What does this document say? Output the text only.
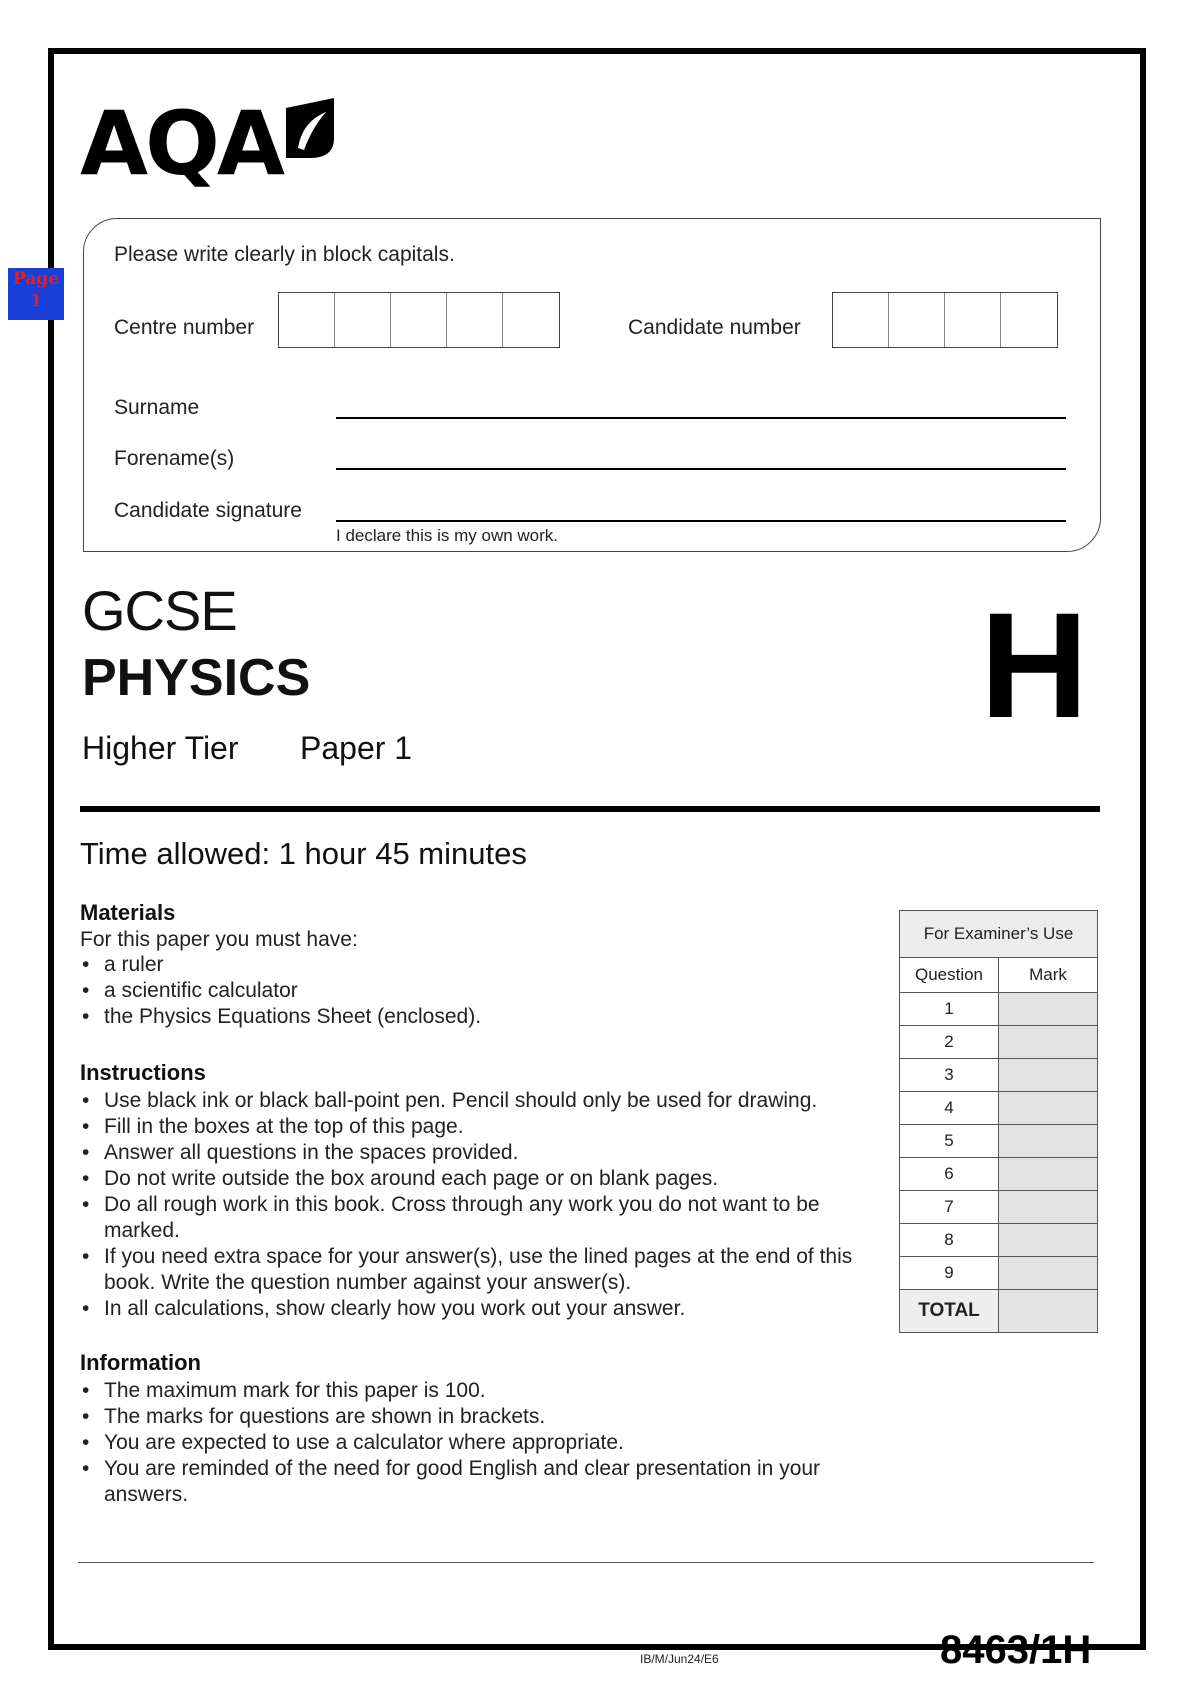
Page
1
AQA
Please write clearly in block capitals.
Centre number	Candidate number
Surname
Forename(s)
Candidate signature
I declare this is my own work.
GCSE
PHYSICS
Higher Tier Paper 1	H
Time allowed: 1 hour 45 minutes
Materials
For this paper you must have:
• a ruler
• a scientific calculator
• the Physics Equations Sheet (enclosed).
Instructions
• Use black ink or black ball-point pen. Pencil should only be used for drawing.
• Fill in the boxes at the top of this page.
• Answer all questions in the spaces provided.
• Do not write outside the box around each page or on blank pages.
• Do all rough work in this book. Cross through any work you do not want to be marked.
• If you need extra space for your answer(s), use the lined pages at the end of this book. Write the question number against your answer(s).
• In all calculations, show clearly how you work out your answer.
Information
• The maximum mark for this paper is 100.
• The marks for questions are shown in brackets.
• You are expected to use a calculator where appropriate.
• You are reminded of the need for good English and clear presentation in your answers.
For Examiner’s Use	
Question	Mark
1	
2	
3	
4	
5	
6	
7	
8	
9	
TOTAL	
IB/M/Jun24/E6	8463/1H
